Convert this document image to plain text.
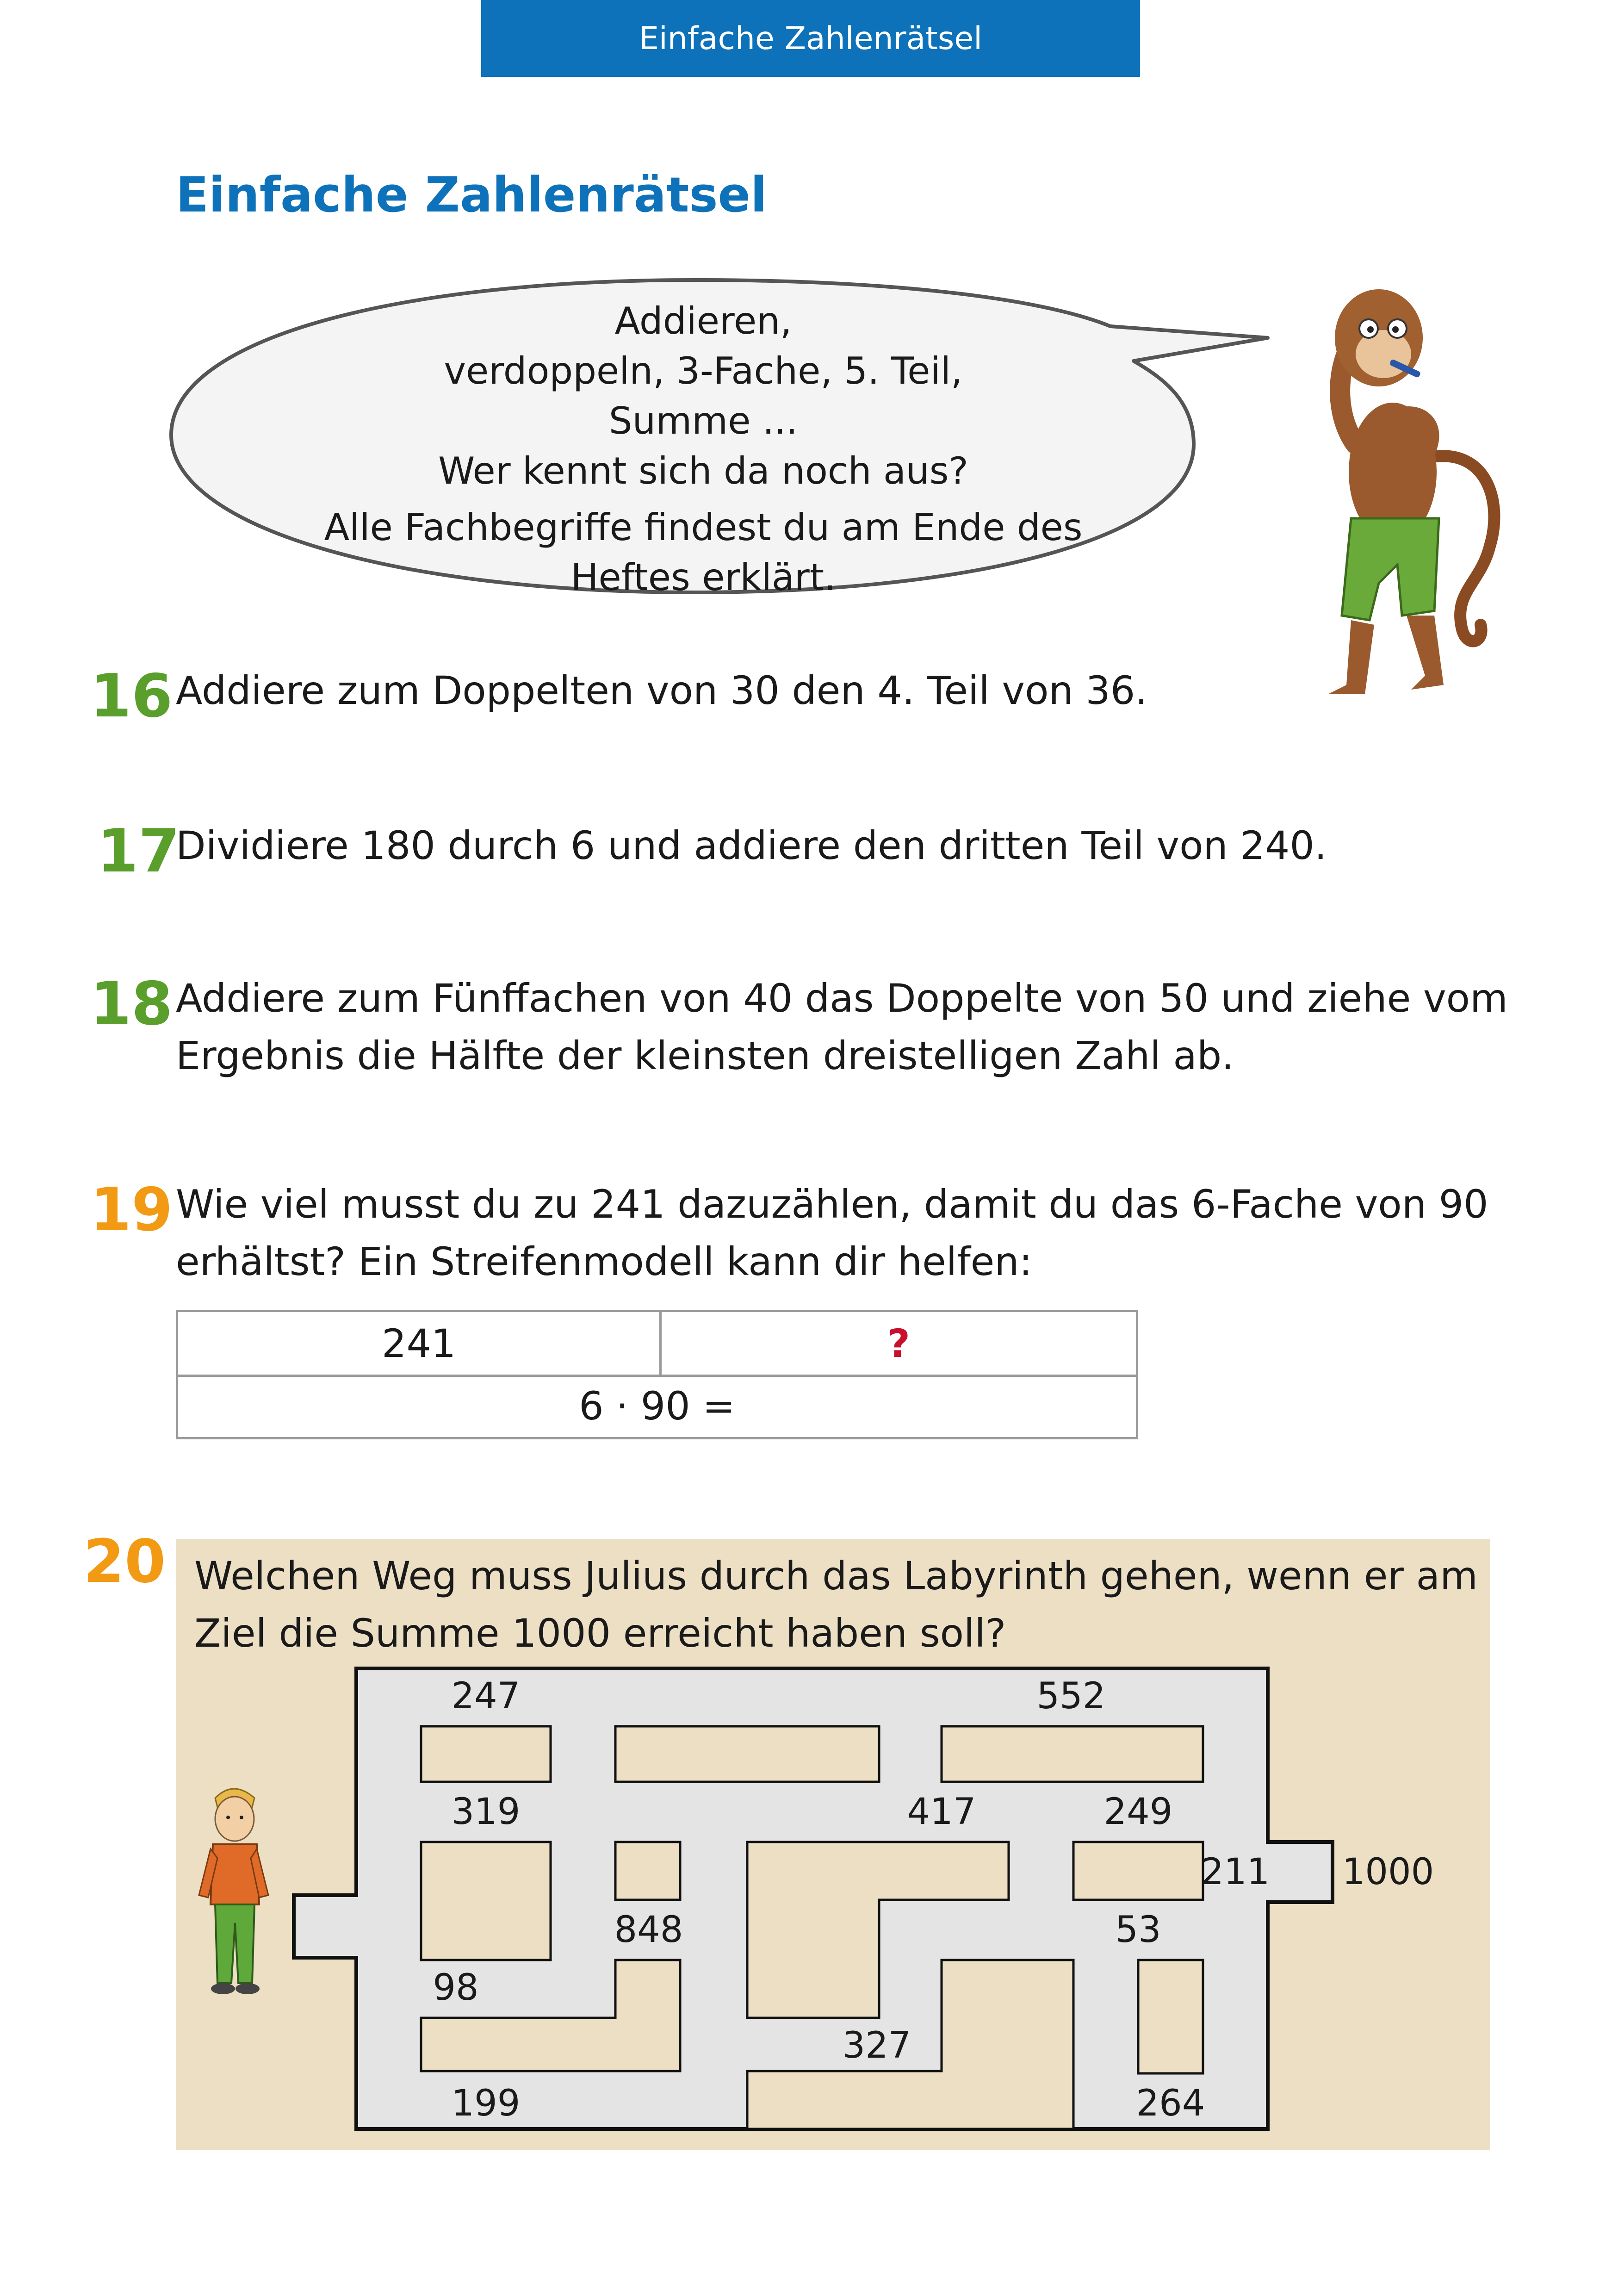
Einfache Zahlenrätsel
Einfache Zahlenrätsel

Addieren,

verdoppeln, 3-Fache, 5. Teil,

Summe ...

Wer kennt sich da noch aus?

Alle Fachbegriffe findest du am Ende des

Heftes erklärt.

16 Addiere zum Doppelten von 30 den 4. Teil von 36.
17
Dividiere 180 durch 6 und addiere den dritten Teil von 240.
18 Addiere zum Fünffachen von 40 das Doppelte von 50 und ziehe vom
Ergebnis die Hälfte der kleinsten dreistelligen Zahl ab.
19 Wie viel musst du zu 241 dazuzählen, damit du das 6-Fache von 90
erhältst? Ein Streifenmodell kann dir helfen:
241	?
6 · 90 =
20 Welchen Weg muss Julius durch das Labyrinth gehen, wenn er am
Ziel die Summe 1000 erreicht haben soll?
247	552
319	417	249
211
848	53
98
327
199	264
1000
